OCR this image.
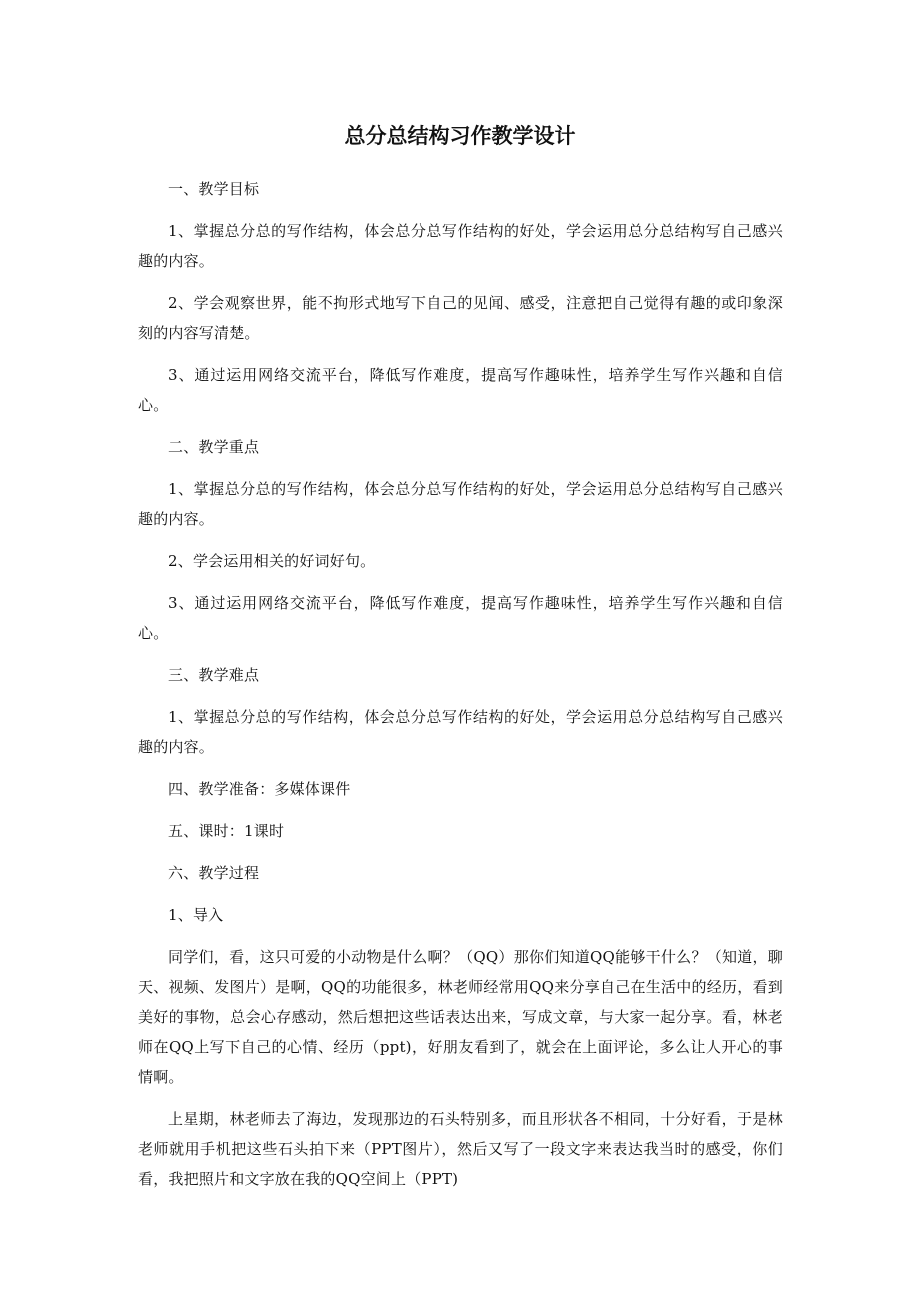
总分总结构习作教学设计

一、教学目标

1、掌握总分总的写作结构，体会总分总写作结构的好处，学会运用总分总结构写自己感兴趣的内容。

2、学会观察世界，能不拘形式地写下自己的见闻、感受，注意把自己觉得有趣的或印象深刻的内容写清楚。

3、通过运用网络交流平台，降低写作难度，提高写作趣味性，培养学生写作兴趣和自信心。

二、教学重点

1、掌握总分总的写作结构，体会总分总写作结构的好处，学会运用总分总结构写自己感兴趣的内容。

2、学会运用相关的好词好句。

3、通过运用网络交流平台，降低写作难度，提高写作趣味性，培养学生写作兴趣和自信心。

三、教学难点

1、掌握总分总的写作结构，体会总分总写作结构的好处，学会运用总分总结构写自己感兴趣的内容。

四、教学准备：多媒体课件

五、课时：1课时

六、教学过程

1、导入

同学们，看，这只可爱的小动物是什么啊？（QQ）那你们知道QQ能够干什么？（知道，聊天、视频、发图片）是啊，QQ的功能很多，林老师经常用QQ来分享自己在生活中的经历，看到美好的事物，总会心存感动，然后想把这些话表达出来，写成文章，与大家一起分享。看，林老师在QQ上写下自己的心情、经历（ppt)，好朋友看到了，就会在上面评论，多么让人开心的事情啊。

上星期，林老师去了海边，发现那边的石头特别多，而且形状各不相同，十分好看，于是林老师就用手机把这些石头拍下来（PPT图片），然后又写了一段文字来表达我当时的感受，你们看，我把照片和文字放在我的QQ空间上（PPT)
